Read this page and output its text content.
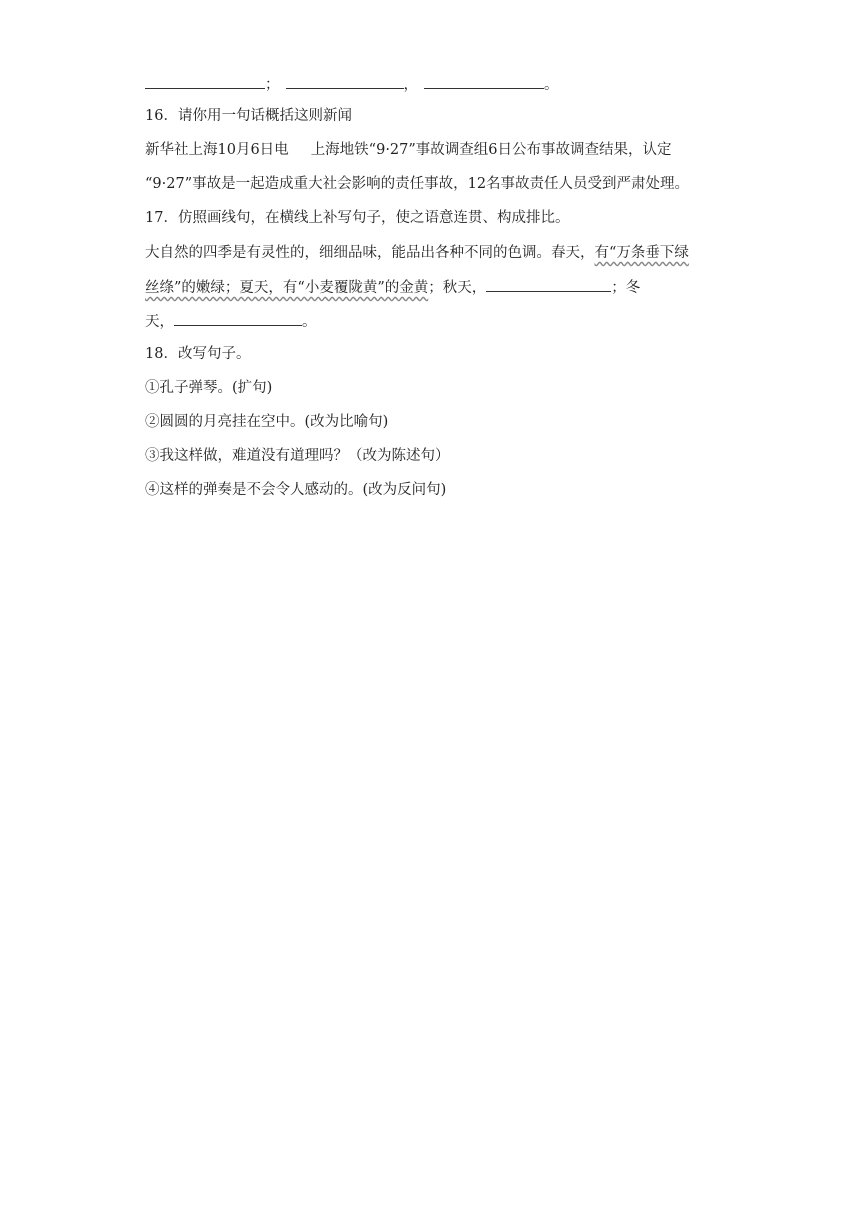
；	，	。
16．请你用一句话概括这则新闻
新华社上海10月6日电 上海地铁“9·27”事故调查组6日公布事故调查结果，认定
“9·27”事故是一起造成重大社会影响的责任事故，12名事故责任人员受到严肃处理。
17．仿照画线句，在横线上补写句子，使之语意连贯、构成排比。
大自然的四季是有灵性的，细细品味，能品出各种不同的色调。春天，有“万条垂下绿
丝绦”的嫩绿；夏天，有“小麦覆陇黄”的金黄；秋天，	；冬
天，	。
18．改写句子。
①孔子弹琴。(扩句)
②圆圆的月亮挂在空中。(改为比喻句)
③我这样做，难道没有道理吗？（改为陈述句）
④这样的弹奏是不会令人感动的。(改为反问句)
